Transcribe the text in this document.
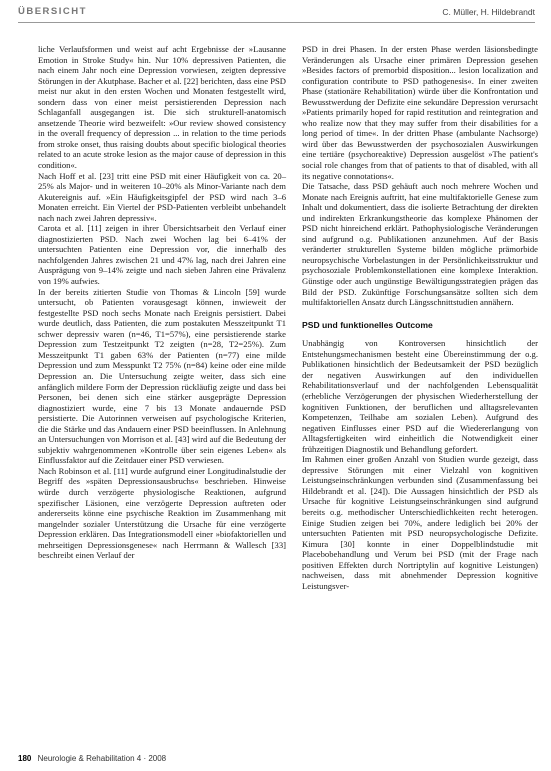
ÜBERSICHT	C. Müller, H. Hildebrandt

liche Verlaufsformen und weist auf acht Ergebnisse der »Lausanne Emotion in Stroke Study« hin. Nur 10% depressiven Patienten, die nach einem Jahr noch eine Depression vorwiesen, zeigten depressive Störungen in der Akutphase. Bacher et al. [22] berichten, dass eine PSD meist nur akut in den ersten Wochen und Monaten festgestellt wird, sondern dass von einer meist persistierenden Depression nach Schlaganfall ausgegangen ist. Die sich strukturell-anatomisch ansetzende Theorie wird bezweifelt: »Our review showed consistency in the overall frequency of depression ... in relation to the time periods from stroke onset, thus raising doubts about specific biological theories related to an acute stroke lesion as the major cause of depression in this condition«.

Nach Hoff et al. [23] tritt eine PSD mit einer Häufigkeit von ca. 20–25% als Major- und in weiteren 10–20% als Minor-Variante nach dem Akutereignis auf. »Ein Häufigkeitsgipfel der PSD wird nach 3–6 Monaten erreicht. Ein Viertel der PSD-Patienten verbleibt unbehandelt nach nach zwei Jahren depressiv«.

Carota et al. [11] zeigen in ihrer Übersichtsarbeit den Verlauf einer diagnostizierten PSD. Nach zwei Wochen lag bei 6–41% der untersuchten Patienten eine Depression vor, die innerhalb des nachfolgenden Jahres zwischen 21 und 47% lag, nach drei Jahren eine Ausprägung von 9–14% zeigte und nach sieben Jahren eine Prävalenz von 19% aufwies.

In der bereits zitierten Studie von Thomas & Lincoln [59] wurde untersucht, ob Patienten vorausgesagt können, inwieweit der festgestellte PSD noch sechs Monate nach Ereignis persistiert. Dabei wurde deutlich, dass Patienten, die zum postakuten Messzeitpunkt T1 schwer depressiv waren (n=46, T1=57%), eine persistierende starke Depression zum Testzeitpunkt T2 zeigten (n=28, T2=25%). Zum Messzeitpunkt T1 gaben 63% der Patienten (n=77) eine milde Depression und zum Messpunkt T2 75% (n=84) keine oder eine milde Depression an. Die Untersuchung zeigte weiter, dass sich eine anfänglich mildere Form der Depression rückläufig zeigte und dass bei Personen, bei denen sich eine stärker ausgeprägte Depression diagnostiziert wurde, eine 7 bis 13 Monate andauernde PSD persistierte. Die Autorinnen verweisen auf psychologische Kriterien, die die Stärke und das Andauern einer PSD beeinflussen. In Anlehnung an Untersuchungen von Morrison et al. [43] wird auf die Bedeutung der subjektiv wahrgenommenen »Kontrolle über sein eigenes Leben« als Einflussfaktor auf die Zeitdauer einer PSD verwiesen.

Nach Robinson et al. [11] wurde aufgrund einer Longitudinalstudie der Begriff des »späten Depressionsausbruchs« beschrieben. Hinweise würde durch verzögerte physiologische Reaktionen, aufgrund spezifischer Läsionen, eine verzögerte Depression auftreten oder andererseits könne eine psychische Reaktion im Zusammenhang mit mangelnder sozialer Unterstützung die Ursache für eine verzögerte Depression erklären. Das Integrationsmodell einer »biofaktoriellen und mehrseitigen Depressionsgenese« nach Herrmann & Wallesch [33] beschreibt einen Verlauf der

PSD in drei Phasen. In der ersten Phase werden läsionsbedingte Veränderungen als Ursache einer primären Depression gesehen »Besides factors of premorbid disposition... lesion localization and configuration contribute to PSD pathogenesis«. In einer zweiten Phase (stationäre Rehabilitation) würde über die Konfrontation und Bewusstwerdung der Defizite eine sekundäre Depression verursacht »Patients primarily hoped for rapid restitution and reintegration and who realize now that they may suffer from their disabilities for a long period of time«. In der dritten Phase (ambulante Nachsorge) wird über das Bewusstwerden der psychosozialen Auswirkungen eine tertiäre (psychoreaktive) Depression ausgelöst »The patient's social role changes from that of patients to that of disabled, with all its negative connotations«.

Die Tatsache, dass PSD gehäuft auch noch mehrere Wochen und Monate nach Ereignis auftritt, hat eine multifaktorielle Genese zum Inhalt und dokumentiert, dass die isolierte Betrachtung der direkten und indirekten Erkrankungstheorie das komplexe Phänomen der PSD nicht hinreichend erklärt. Pathophysiologische Veränderungen sind aufgrund o.g. Publikationen anzunehmen. Auf der Basis veränderter strukturellen Systeme bilden mögliche prämorbide neuropsychische Vorbelastungen in der Persönlichkeitsstruktur und psychosoziale Problemkonstellationen eine komplexe Interaktion. Günstige oder auch ungünstige Bewältigungsstrategien prägen das Bild der PSD. Zukünftige Forschungsansätze sollten sich dem multifaktoriellen Ansatz durch Längsschnittstudien annähern.

PSD und funktionelles Outcome

Unabhängig von Kontroversen hinsichtlich der Entstehungsmechanismen besteht eine Übereinstimmung der o.g. Publikationen hinsichtlich der Bedeutsamkeit der PSD bezüglich der negativen Auswirkungen auf den individuellen Rehabilitationsverlauf und der nachfolgenden Lebensqualität (erhebliche Verzögerungen der physischen Wiederherstellung der kognitiven Funktionen, der beruflichen und alltagsrelevanten Kompetenzen, Teilhabe am sozialen Leben). Aufgrund des negativen Einflusses einer PSD auf die Wiedererlangung von Alltagsfertigkeiten wird einheitlich die Notwendigkeit einer frühzeitigen Diagnostik und Behandlung gefordert.

Im Rahmen einer großen Anzahl von Studien wurde gezeigt, dass depressive Störungen mit einer Vielzahl von kognitiven Leistungseinschränkungen verbunden sind (Zusammenfassung bei Hildebrandt et al. [24]). Die Aussagen hinsichtlich der PSD als Ursache für kognitive Leistungseinschränkungen sind aufgrund bereits o.g. methodischer Unterschiedlichkeiten recht heterogen. Einige Studien zeigen bei 70%, andere lediglich bei 20% der untersuchten Patienten mit PSD neuropsychologische Defizite. Kimura [30] konnte in einer Doppelblindstudie mit Placebobehandlung und Verum bei PSD (mit der Frage nach positiven Effekten durch Nortriptylin auf kognitive Leistungen) nachweisen, dass mit abnehmender Depression kognitive Leistungsver-

180 Neurologie & Rehabilitation 4 · 2008
